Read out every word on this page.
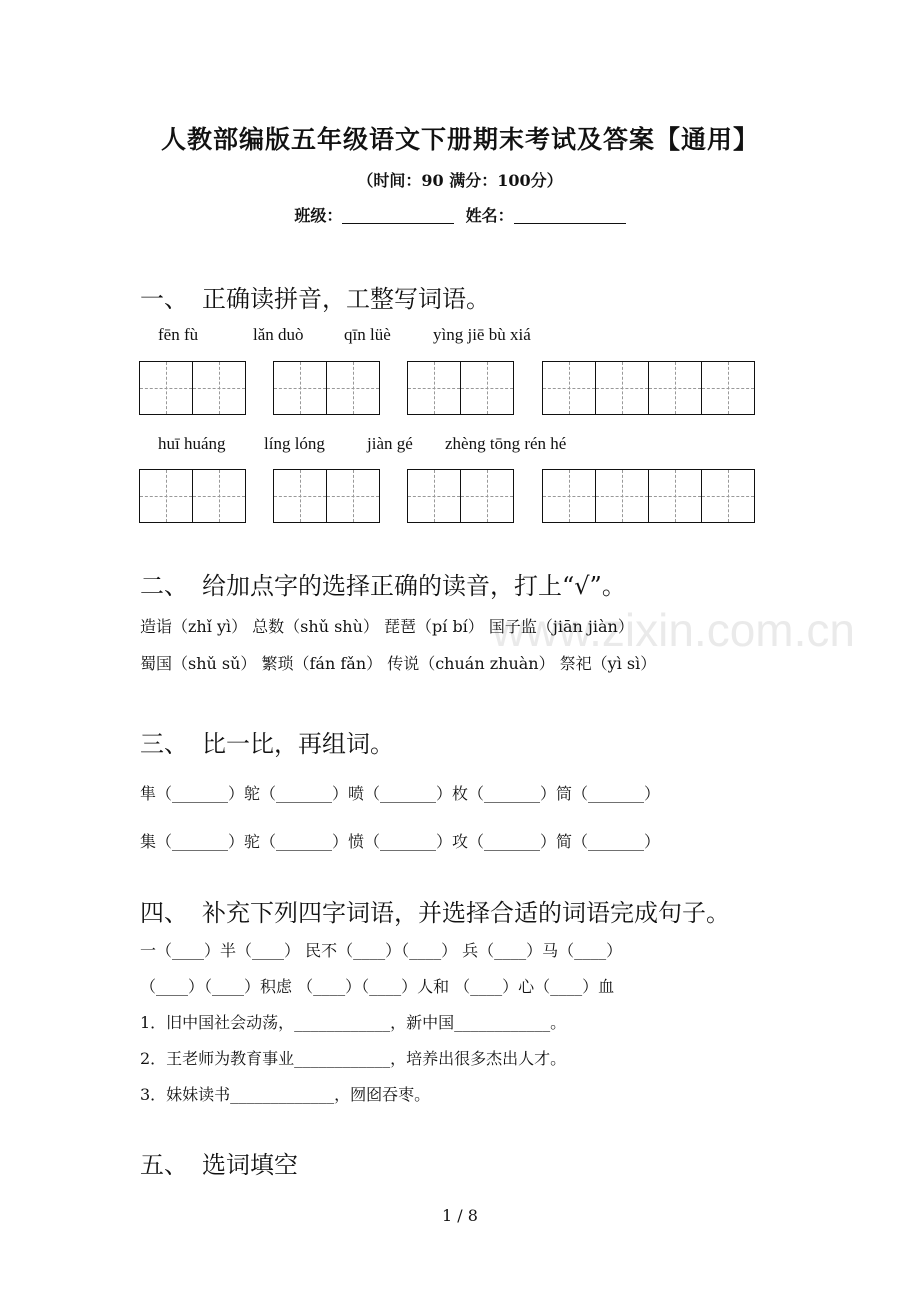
人教部编版五年级语文下册期末考试及答案【通用】
（时间：90 满分：100分）
班级：	姓名：
www.zixin.com.cn
一、 正确读拼音，工整写词语。
fēn fù	lǎn duò qīn lüè yìng jiē bù xiá
huī huáng líng lóng jiàn gé zhèng tōng rén hé
二、 给加点字的选择正确的读音，打上“√”。
造诣（zhǐ yì） 总数（shǔ shù） 琵琶（pí bí） 国子监（jiān jiàn）
蜀国（shǔ sǔ） 繁琐（fán fǎn） 传说（chuán zhuàn） 祭祀（yì sì）
三、 比一比，再组词。
隼（_______）鸵（_______）喷（_______）枚（_______）筒（_______）
集（_______）驼（_______）愤（_______）攻（_______）简（_______）
四、 补充下列四字词语，并选择合适的词语完成句子。
一（____）半（____） 民不（____）（____） 兵（____）马（____）
（____）（____）积虑 （____）（____）人和 （____）心（____）血
1．旧中国社会动荡，____________，新中国____________。
2．王老师为教育事业____________，培养出很多杰出人才。
3．妹妹读书_____________，囫囵吞枣。
五、 选词填空
1 / 8
